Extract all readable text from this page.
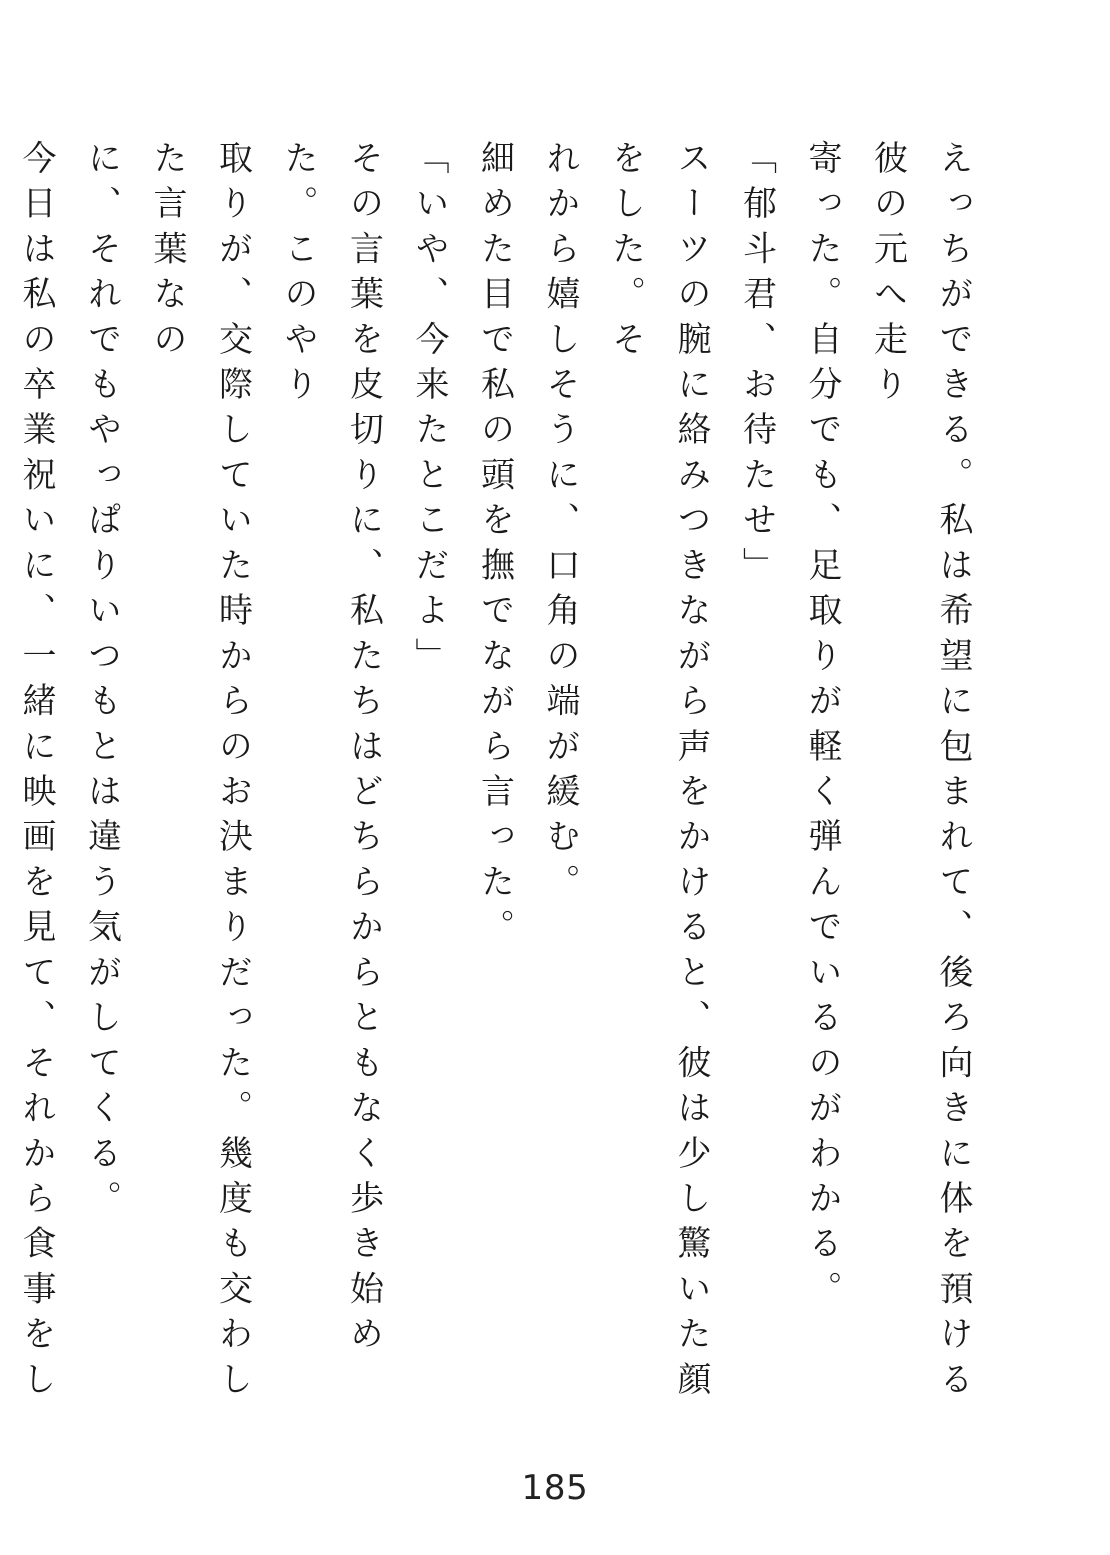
えっちができる。私は希望に包まれて、後ろ向きに体を預ける彼の元へ走り

寄った。自分でも、足取りが軽く弾んでいるのがわかる。

「郁斗君、お待たせ」

スーツの腕に絡みつきながら声をかけると、彼は少し驚いた顔をした。そ

れから嬉しそうに、口角の端が緩む。

細めた目で私の頭を撫でながら言った。

「いや、今来たとこだよ」

その言葉を皮切りに、私たちはどちらからともなく歩き始めた。このやり

取りが、交際していた時からのお決まりだった。幾度も交わした言葉なの

に、それでもやっぱりいつもとは違う気がしてくる。

今日は私の卒業祝いに、一緒に映画を見て、それから食事をし

185
